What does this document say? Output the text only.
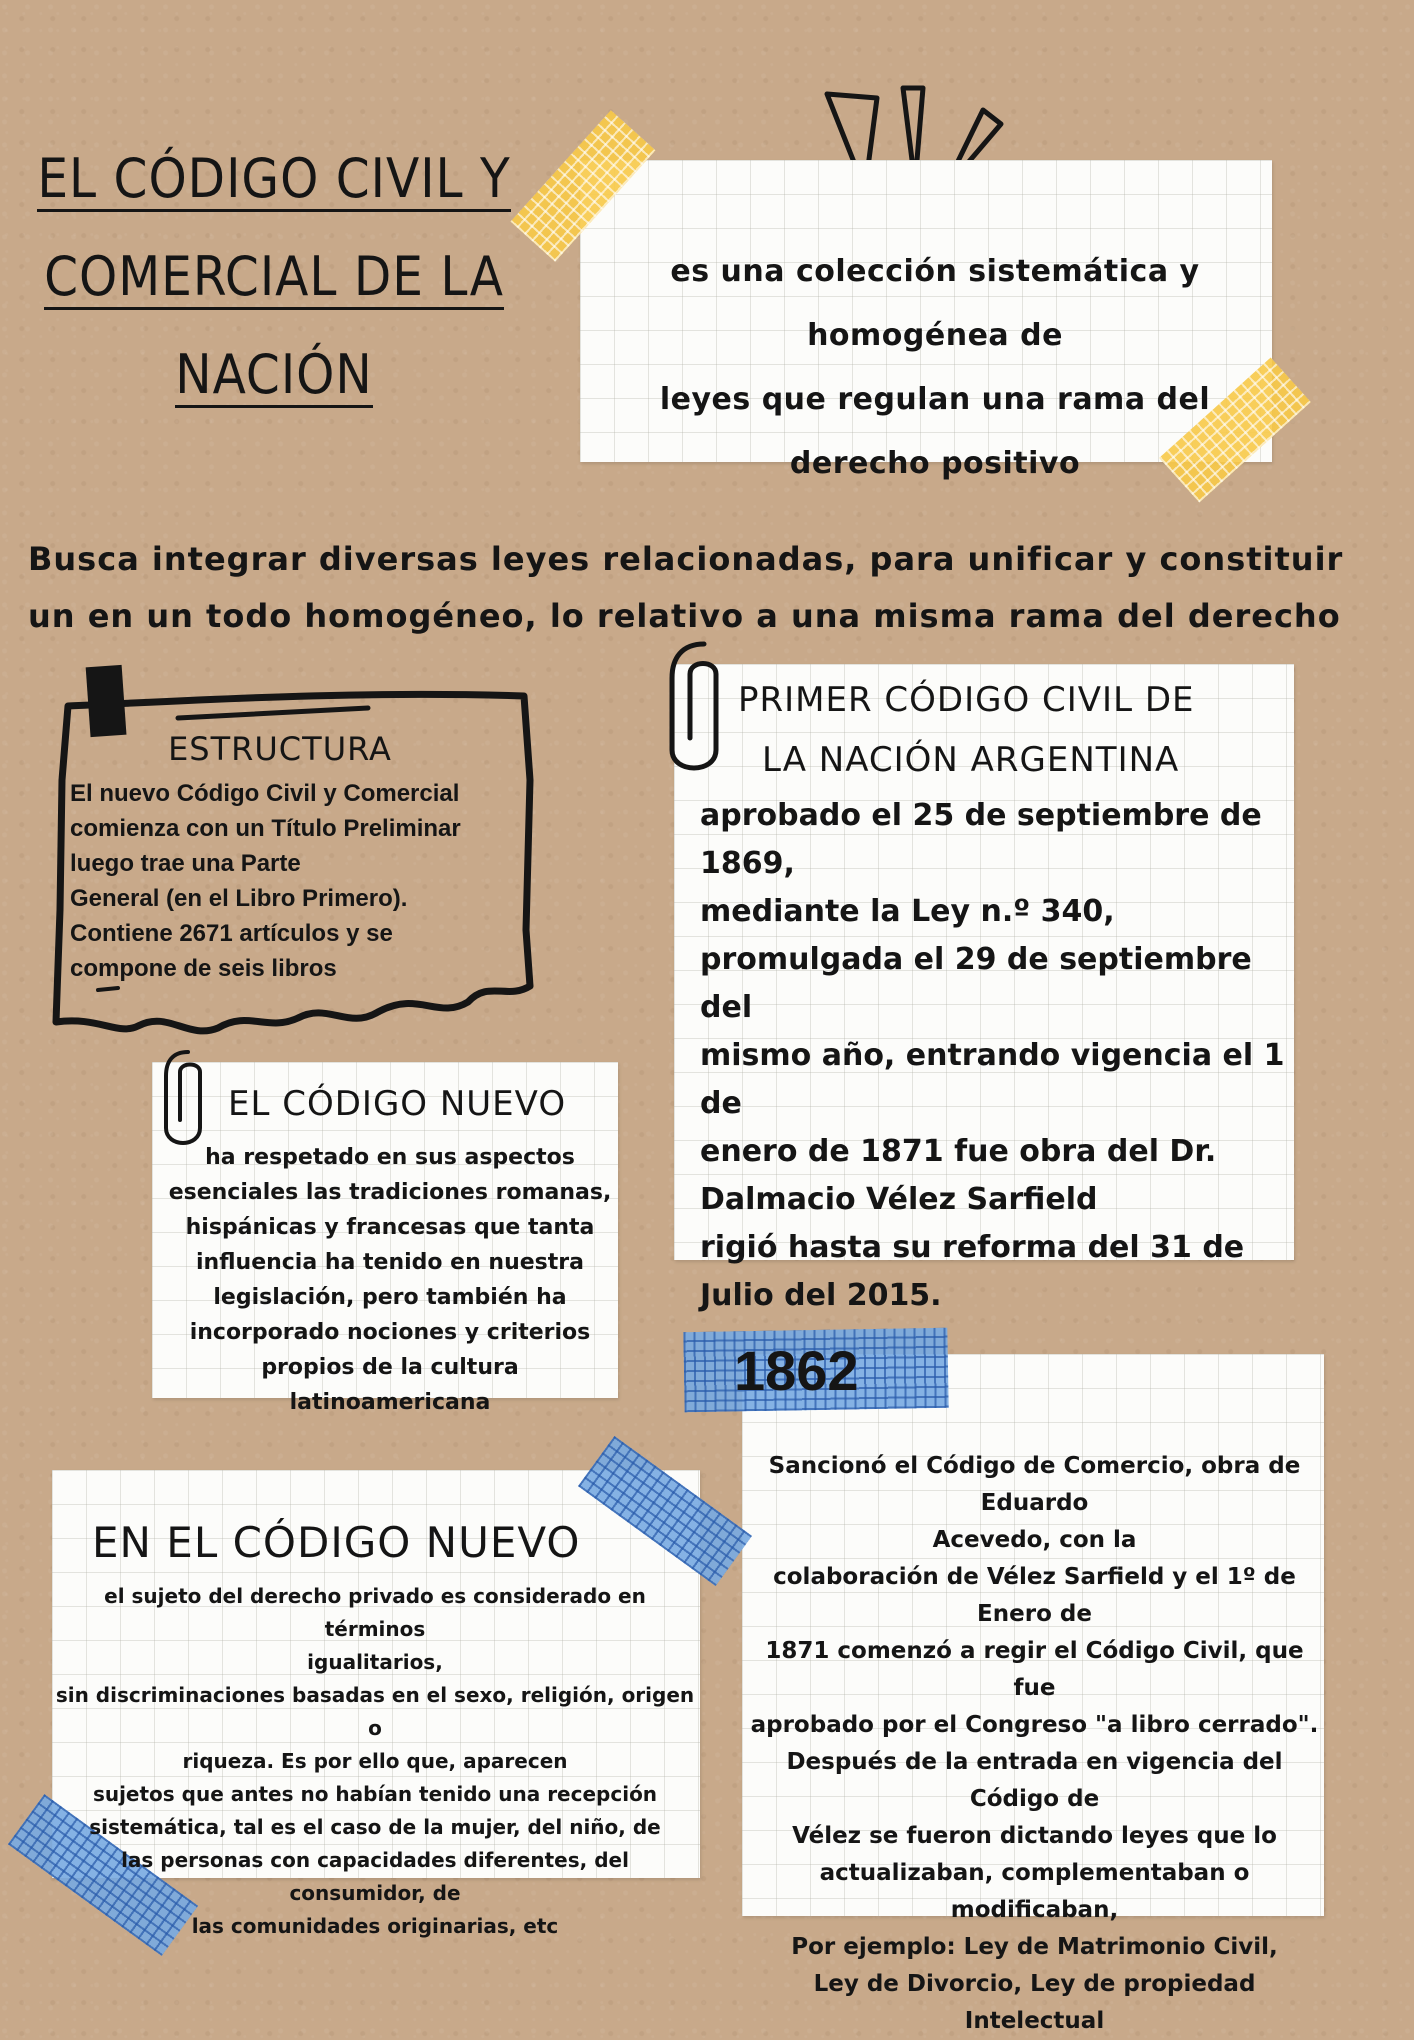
EL CÓDIGO CIVIL Y
COMERCIAL DE LA
NACIÓN
es una colección sistemática y homogénea de
leyes que regulan una rama del
derecho positivo
Busca integrar diversas leyes relacionadas, para unificar y constituir un en un todo homogéneo, lo relativo a una misma rama del derecho
ESTRUCTURA
El nuevo Código Civil y Comercial
comienza con un Título Preliminar
luego trae una Parte
General (en el Libro Primero).
Contiene 2671 artículos y se
compone de seis libros
PRIMER CÓDIGO CIVIL DE
LA NACIÓN ARGENTINA
aprobado el 25 de septiembre de
1869,
mediante la Ley n.º 340,
promulgada el 29 de septiembre del
mismo año, entrando vigencia el 1
de
enero de 1871 fue obra del Dr.
Dalmacio Vélez Sarfield
rigió hasta su reforma del 31 de
Julio del 2015.
EL CÓDIGO NUEVO
ha respetado en sus aspectos
esenciales las tradiciones romanas,
hispánicas y francesas que tanta
influencia ha tenido en nuestra
legislación, pero también ha
incorporado nociones y criterios
propios de la cultura latinoamericana
1862
Sancionó el Código de Comercio, obra de Eduardo
Acevedo, con la
colaboración de Vélez Sarfield y el 1º de Enero de
1871 comenzó a regir el Código Civil, que fue
aprobado por el Congreso "a libro cerrado".
Después de la entrada en vigencia del Código de
Vélez se fueron dictando leyes que lo
actualizaban, complementaban o modificaban,
Por ejemplo: Ley de Matrimonio Civil,
Ley de Divorcio, Ley de propiedad Intelectual
EN EL CÓDIGO NUEVO
el sujeto del derecho privado es considerado en términos
igualitarios,
sin discriminaciones basadas en el sexo, religión, origen o
riqueza. Es por ello que, aparecen
sujetos que antes no habían tenido una recepción
sistemática, tal es el caso de la mujer, del niño, de
las personas con capacidades diferentes, del consumidor, de
las comunidades originarias, etc
